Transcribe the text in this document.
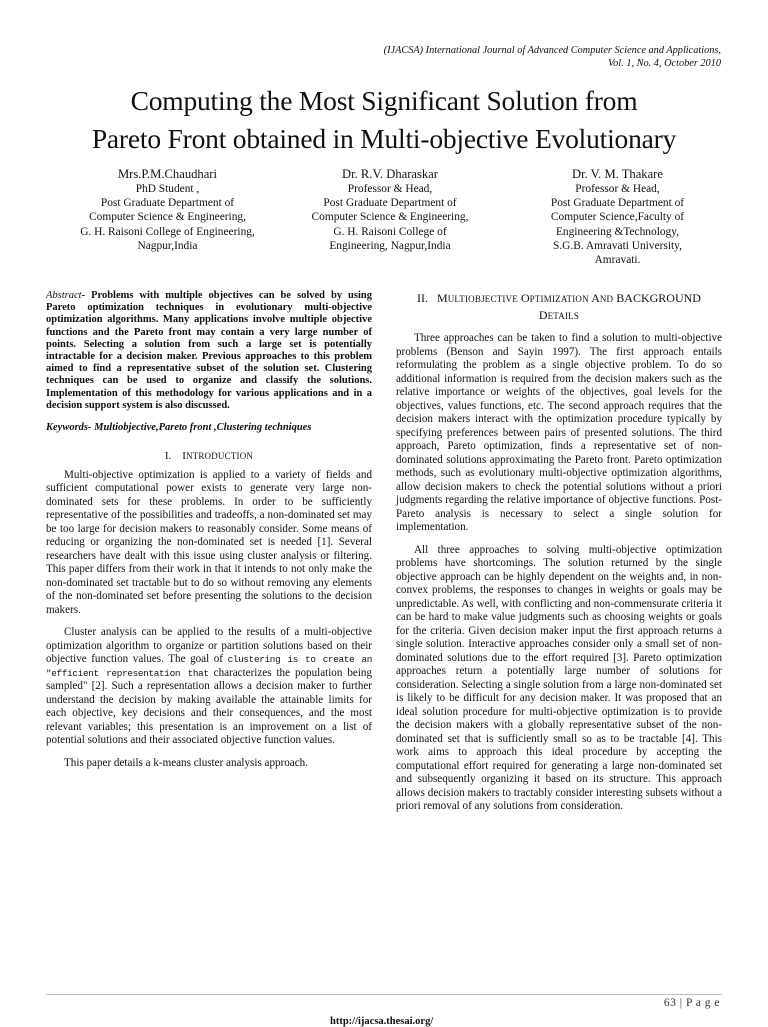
(IJACSA) International Journal of Advanced Computer Science and Applications,
Vol. 1, No. 4, October 2010
Computing the Most Significant Solution from
Pareto Front obtained in Multi-objective Evolutionary
Mrs.P.M.Chaudhari
PhD Student ,
Post Graduate Department of
Computer Science & Engineering,
G. H. Raisoni College of Engineering,
Nagpur,India
Dr. R.V. Dharaskar
Professor & Head,
Post Graduate Department of
Computer Science & Engineering,
G. H. Raisoni College of
Engineering, Nagpur,India
Dr. V. M. Thakare
Professor & Head,
Post Graduate Department of
Computer Science,Faculty of
Engineering &Technology,
S.G.B. Amravati University,
Amravati.

Abstract- Problems with multiple objectives can be solved by using Pareto optimization techniques in evolutionary multi-objective optimization algorithms. Many applications involve multiple objective functions and the Pareto front may contain a very large number of points. Selecting a solution from such a large set is potentially intractable for a decision maker. Previous approaches to this problem aimed to find a representative subset of the solution set. Clustering techniques can be used to organize and classify the solutions. Implementation of this methodology for various applications and in a decision support system is also discussed.

Keywords- Multiobjective,Pareto front ,Clustering techniques

I. INTRODUCTION

Multi-objective optimization is applied to a variety of fields and sufficient computational power exists to generate very large non-dominated sets for these problems. In order to be sufficiently representative of the possibilities and tradeoffs, a non-dominated set may be too large for decision makers to reasonably consider. Some means of reducing or organizing the non-dominated set is needed [1]. Several researchers have dealt with this issue using cluster analysis or filtering. This paper differs from their work in that it intends to not only make the non-dominated set tractable but to do so without removing any elements of the non-dominated set before presenting the solutions to the decision makers.

Cluster analysis can be applied to the results of a multi-objective optimization algorithm to organize or partition solutions based on their objective function values. The goal of clustering is to create an "efficient representation that characterizes the population being sampled" [2]. Such a representation allows a decision maker to further understand the decision by making available the attainable limits for each objective, key decisions and their consequences, and the most relevant variables; this presentation is an improvement on a list of potential solutions and their associated objective function values.

This paper details a k-means cluster analysis approach.

II. MULTIOBJECTIVE OPTIMIZATION AND BACKGROUND
DETAILS

Three approaches can be taken to find a solution to multi-objective problems (Benson and Sayin 1997). The first approach entails reformulating the problem as a single objective problem. To do so additional information is required from the decision makers such as the relative importance or weights of the objectives, goal levels for the objectives, values functions, etc. The second approach requires that the decision makers interact with the optimization procedure typically by specifying preferences between pairs of presented solutions. The third approach, Pareto optimization, finds a representative set of non-dominated solutions approximating the Pareto front. Pareto optimization methods, such as evolutionary multi-objective optimization algorithms, allow decision makers to check the potential solutions without a priori judgments regarding the relative importance of objective functions. Post-Pareto analysis is necessary to select a single solution for implementation.

All three approaches to solving multi-objective optimization problems have shortcomings. The solution returned by the single objective approach can be highly dependent on the weights and, in non-convex problems, the responses to changes in weights or goals may be unpredictable. As well, with conflicting and non-commensurate criteria it can be hard to make value judgments such as choosing weights or goals for the criteria. Given decision maker input the first approach returns a single solution. Interactive approaches consider only a small set of non-dominated solutions due to the effort required [3]. Pareto optimization approaches return a potentially large number of solutions for consideration. Selecting a single solution from a large non-dominated set is likely to be difficult for any decision maker. It was proposed that an ideal solution procedure for multi-objective optimization is to provide the decision makers with a globally representative subset of the non-dominated set that is sufficiently small so as to be tractable [4]. This work aims to approach this ideal procedure by accepting the computational effort required for generating a large non-dominated set and subsequently organizing it based on its structure. This approach allows decision makers to tractably consider interesting subsets without a priori removal of any solutions from consideration.

63 | P a g e
http://ijacsa.thesai.org/
